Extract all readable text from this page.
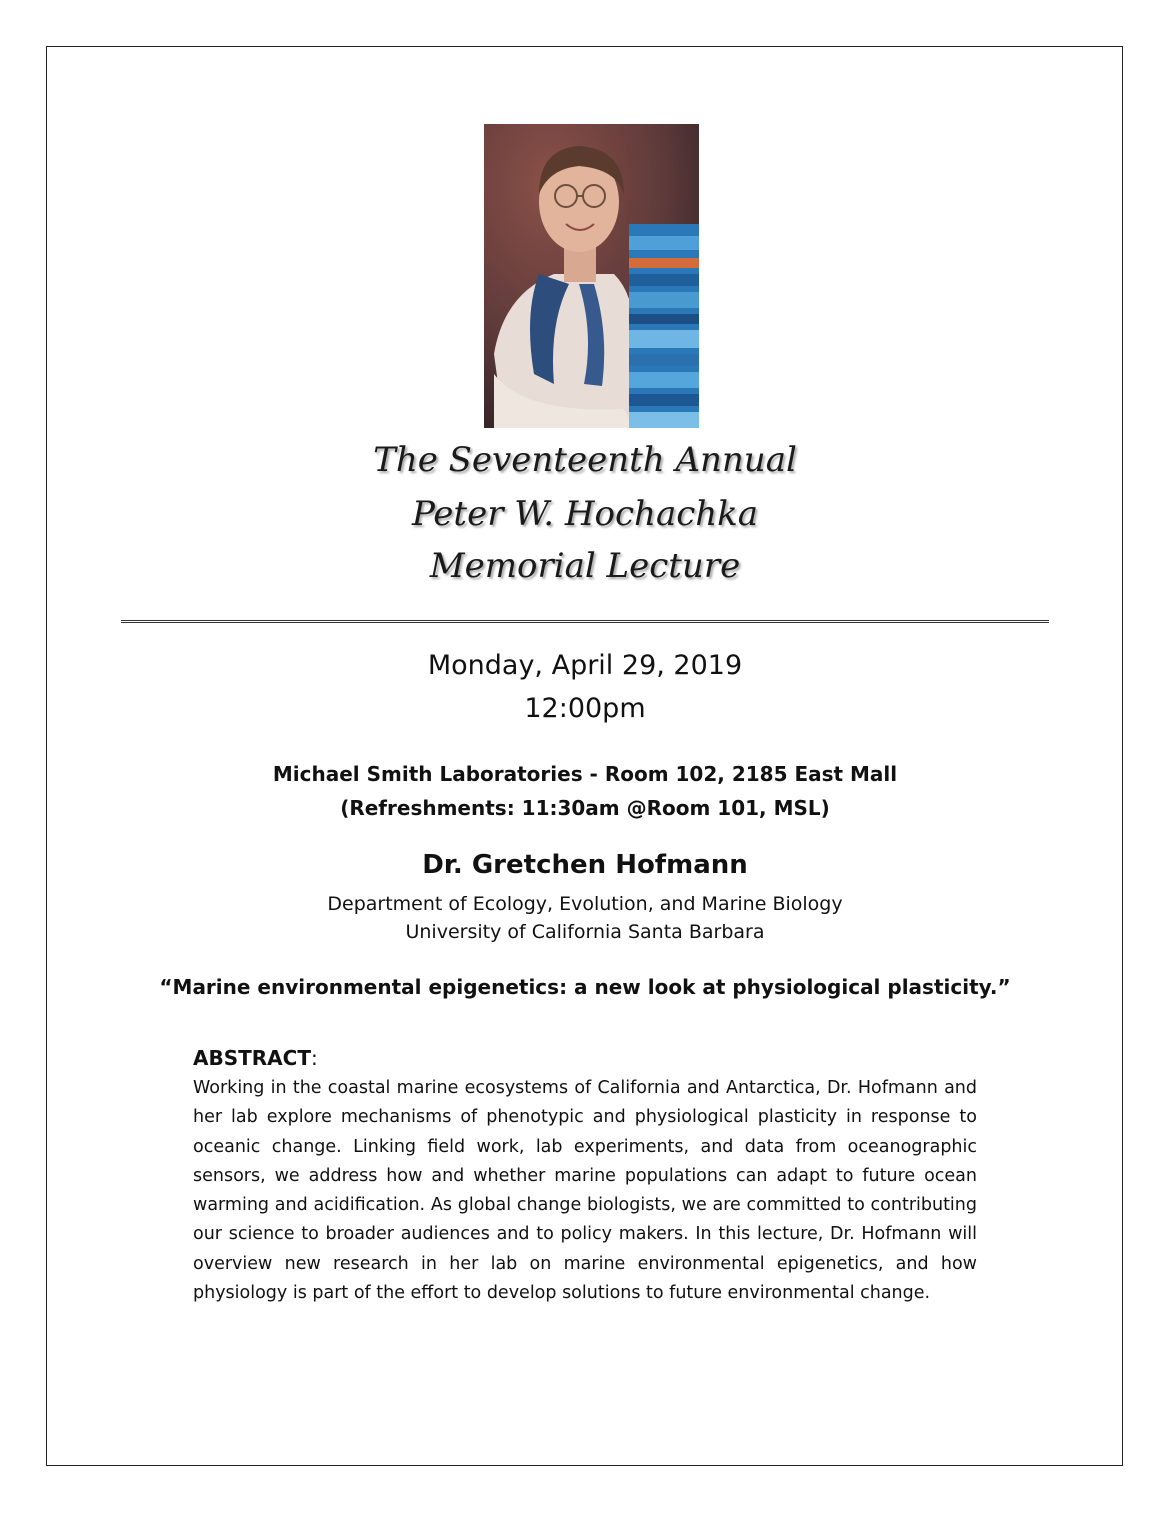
The Seventeenth Annual
Peter W. Hochachka
Memorial Lecture
Monday, April 29, 2019
12:00pm
Michael Smith Laboratories - Room 102, 2185 East Mall
(Refreshments: 11:30am @Room 101, MSL)
Dr. Gretchen Hofmann
Department of Ecology, Evolution, and Marine Biology
University of California Santa Barbara
“Marine environmental epigenetics: a new look at physiological plasticity.”
ABSTRACT:
Working in the coastal marine ecosystems of California and Antarctica, Dr. Hofmann and her lab explore mechanisms of phenotypic and physiological plasticity in response to oceanic change. Linking field work, lab experiments, and data from oceanographic sensors, we address how and whether marine populations can adapt to future ocean warming and acidification. As global change biologists, we are committed to contributing our science to broader audiences and to policy makers. In this lecture, Dr. Hofmann will overview new research in her lab on marine environmental epigenetics, and how physiology is part of the effort to develop solutions to future environmental change.
